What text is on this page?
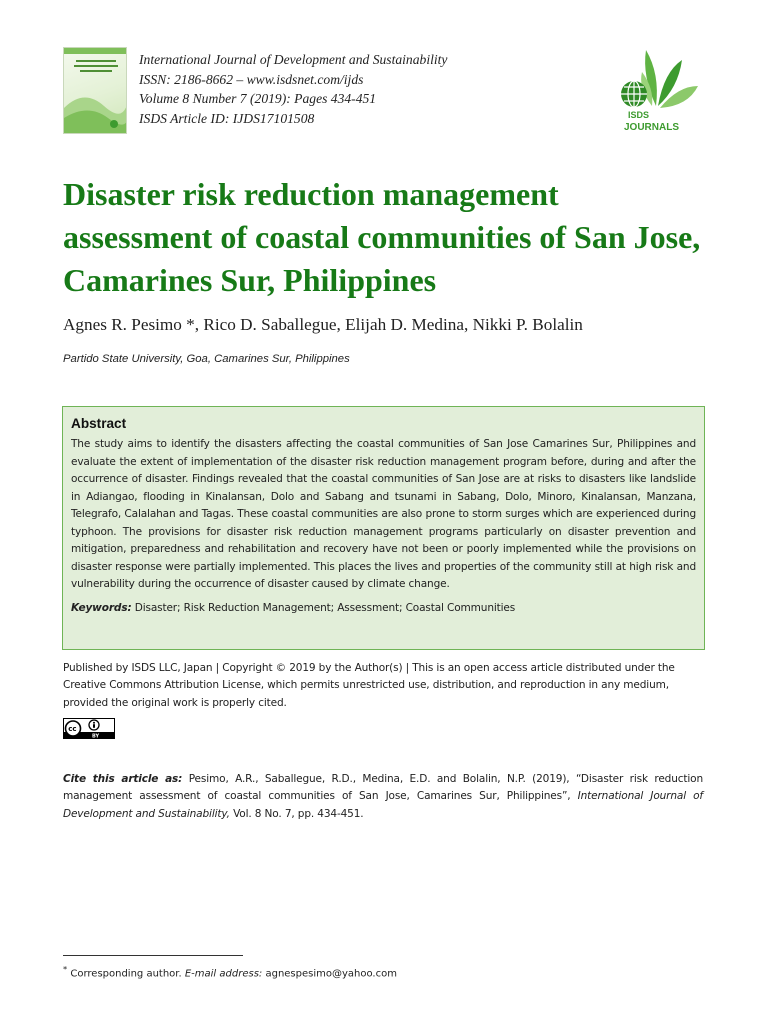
International Journal of Development and Sustainability
ISSN: 2186-8662 – www.isdsnet.com/ijds
Volume 8 Number 7 (2019): Pages 434-451
ISDS Article ID: IJDS17101508	ISDS
JOURNALS
Disaster risk reduction management assessment of coastal communities of San Jose, Camarines Sur, Philippines
Agnes R. Pesimo *, Rico D. Saballegue, Elijah D. Medina, Nikki P. Bolalin
Partido State University, Goa, Camarines Sur, Philippines
Abstract

The study aims to identify the disasters affecting the coastal communities of San Jose Camarines Sur, Philippines and evaluate the extent of implementation of the disaster risk reduction management program before, during and after the occurrence of disaster. Findings revealed that the coastal communities of San Jose are at risks to disasters like landslide in Adiangao, flooding in Kinalansan, Dolo and Sabang and tsunami in Sabang, Dolo, Minoro, Kinalansan, Manzana, Telegrafo, Calalahan and Tagas. These coastal communities are also prone to storm surges which are experienced during typhoon. The provisions for disaster risk reduction management programs particularly on disaster prevention and mitigation, preparedness and rehabilitation and recovery have not been or poorly implemented while the provisions on disaster response were partially implemented. This places the lives and properties of the community still at high risk and vulnerability during the occurrence of disaster caused by climate change.

Keywords: Disaster; Risk Reduction Management; Assessment; Coastal Communities

Published by ISDS LLC, Japan | Copyright © 2019 by the Author(s) | This is an open access article distributed under the Creative Commons Attribution License, which permits unrestricted use, distribution, and reproduction in any medium, provided the original work is properly cited.

cc
BY

Cite this article as: Pesimo, A.R., Saballegue, R.D., Medina, E.D. and Bolalin, N.P. (2019), “Disaster risk reduction management assessment of coastal communities of San Jose, Camarines Sur, Philippines”, International Journal of Development and Sustainability, Vol. 8 No. 7, pp. 434-451.

* Corresponding author. E-mail address: agnespesimo@yahoo.com
